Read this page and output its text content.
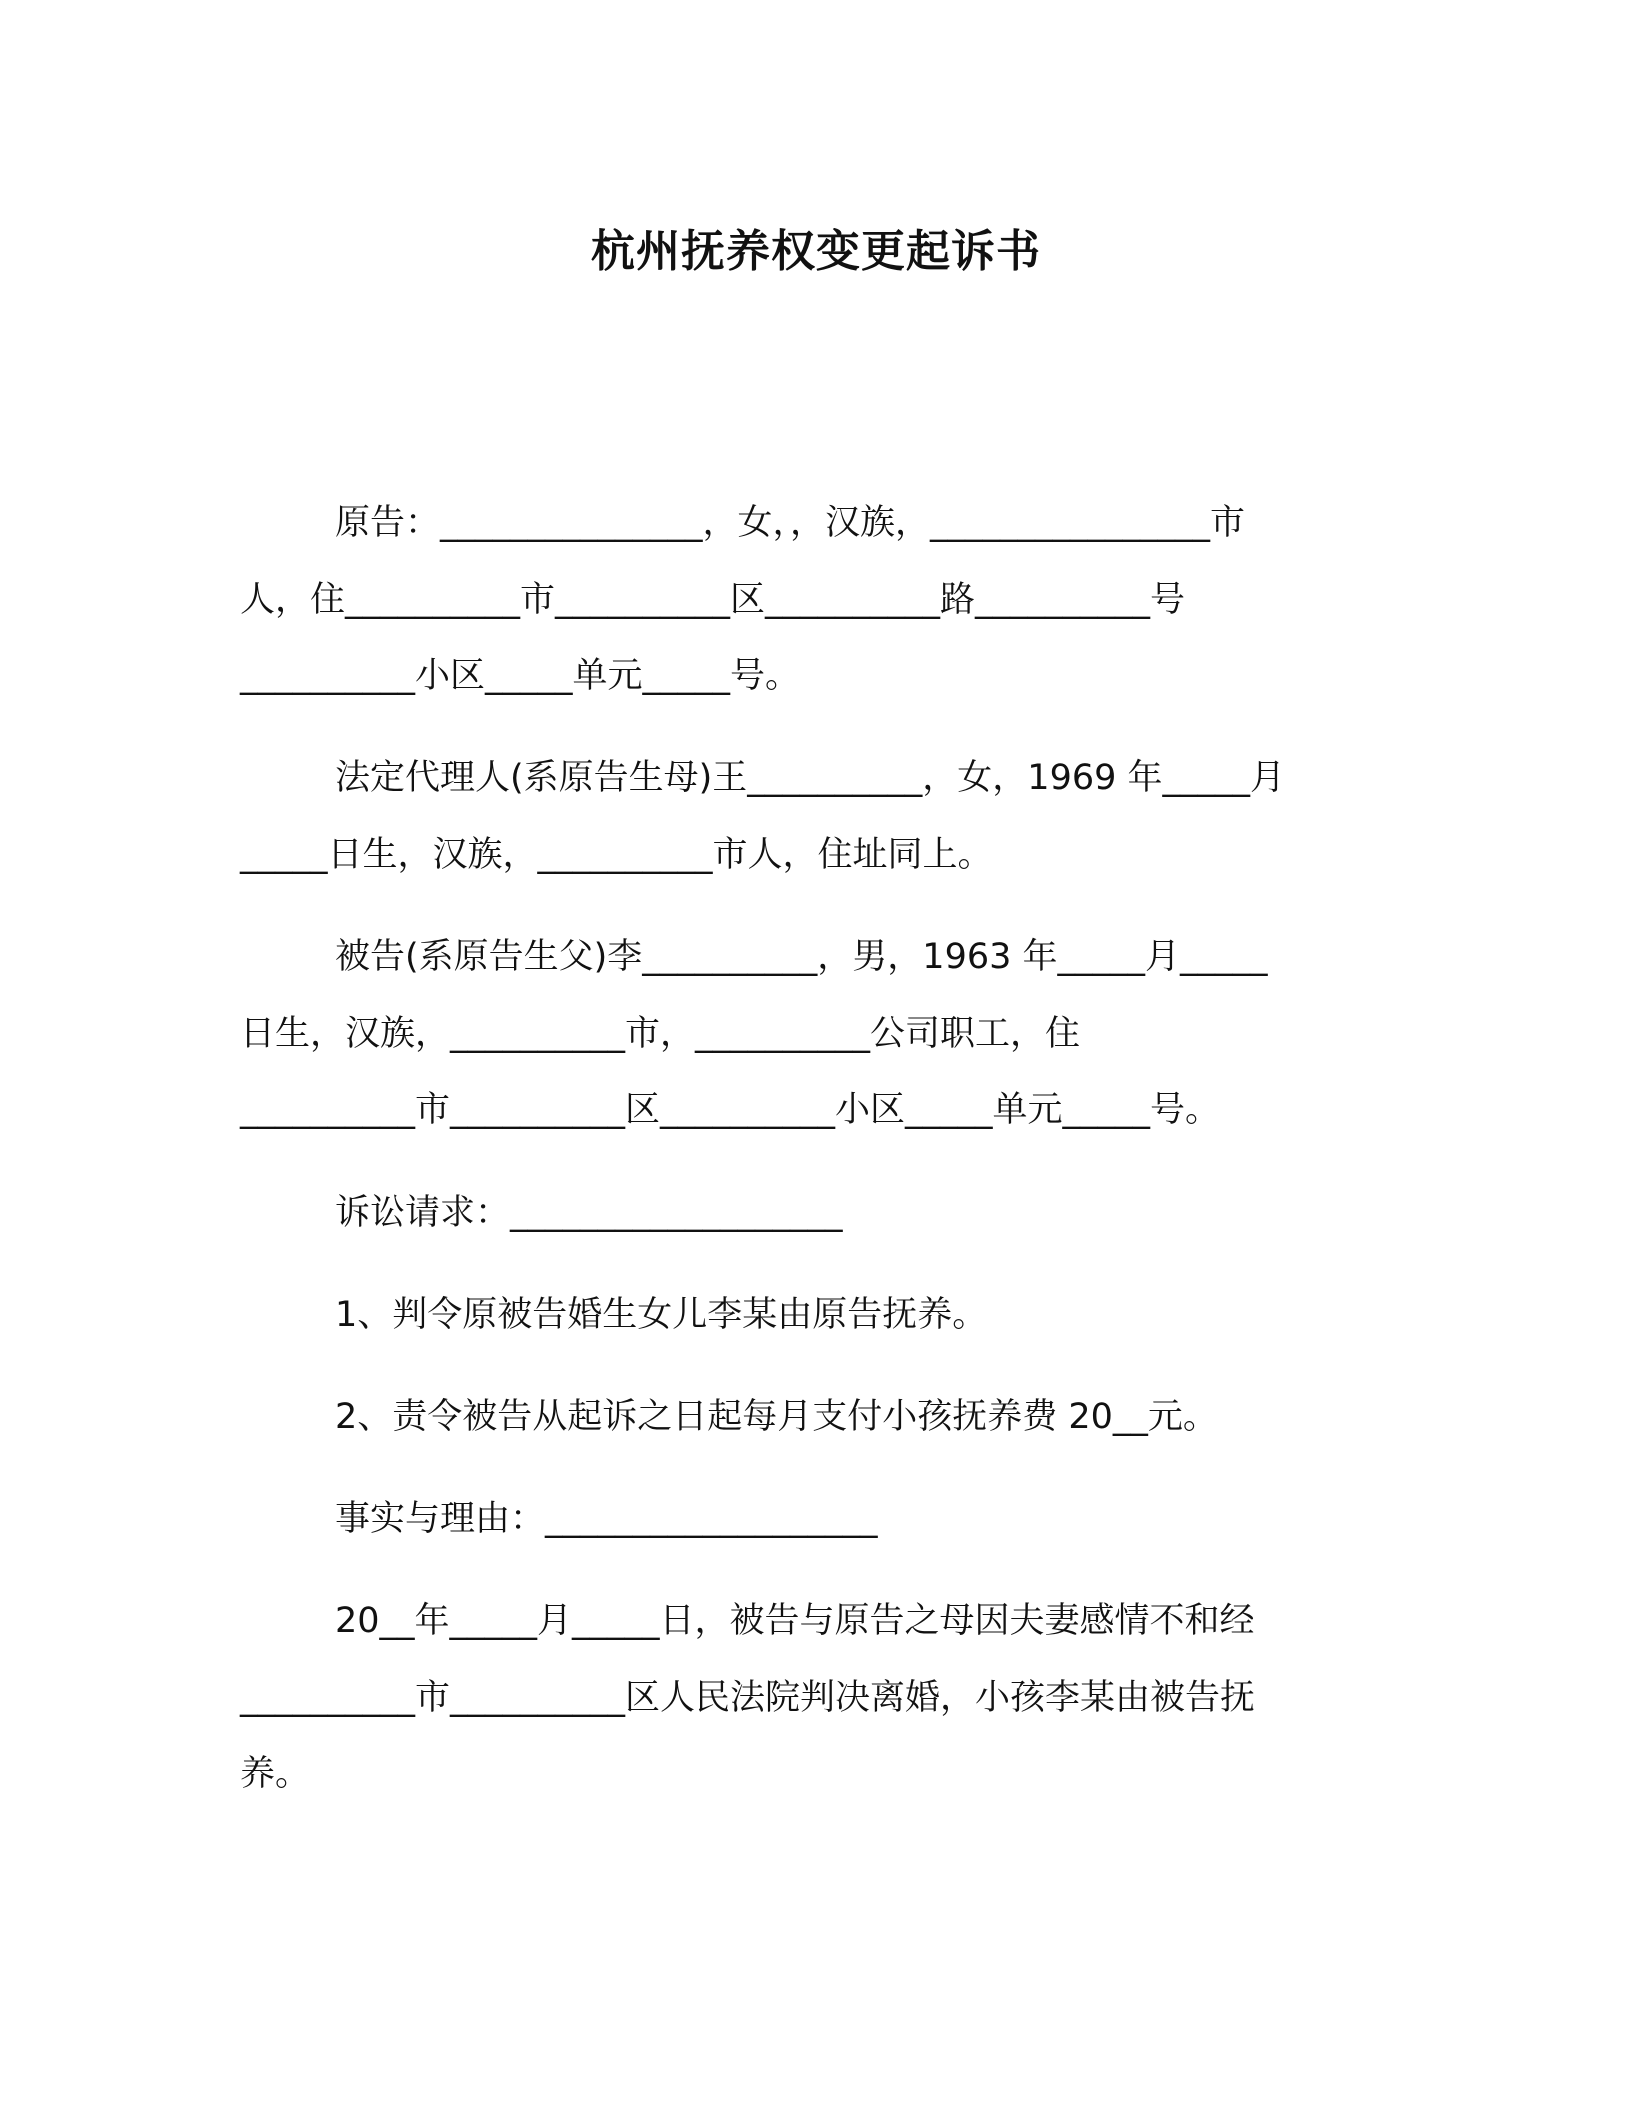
杭州抚养权变更起诉书
原告：_______________，女，，汉族，________________市
人，住__________市__________区__________路__________号
__________小区_____单元_____号。
法定代理人(系原告生母)王__________，女，1969 年_____月
_____日生，汉族，__________市人，住址同上。
被告(系原告生父)李__________，男，1963 年_____月_____
日生，汉族，__________市，__________公司职工，住
__________市__________区__________小区_____单元_____号。
诉讼请求：___________________
1、判令原被告婚生女儿李某由原告抚养。
2、责令被告从起诉之日起每月支付小孩抚养费 20__元。
事实与理由：___________________
20__年_____月_____日，被告与原告之母因夫妻感情不和经
__________市__________区人民法院判决离婚，小孩李某由被告抚
养。
